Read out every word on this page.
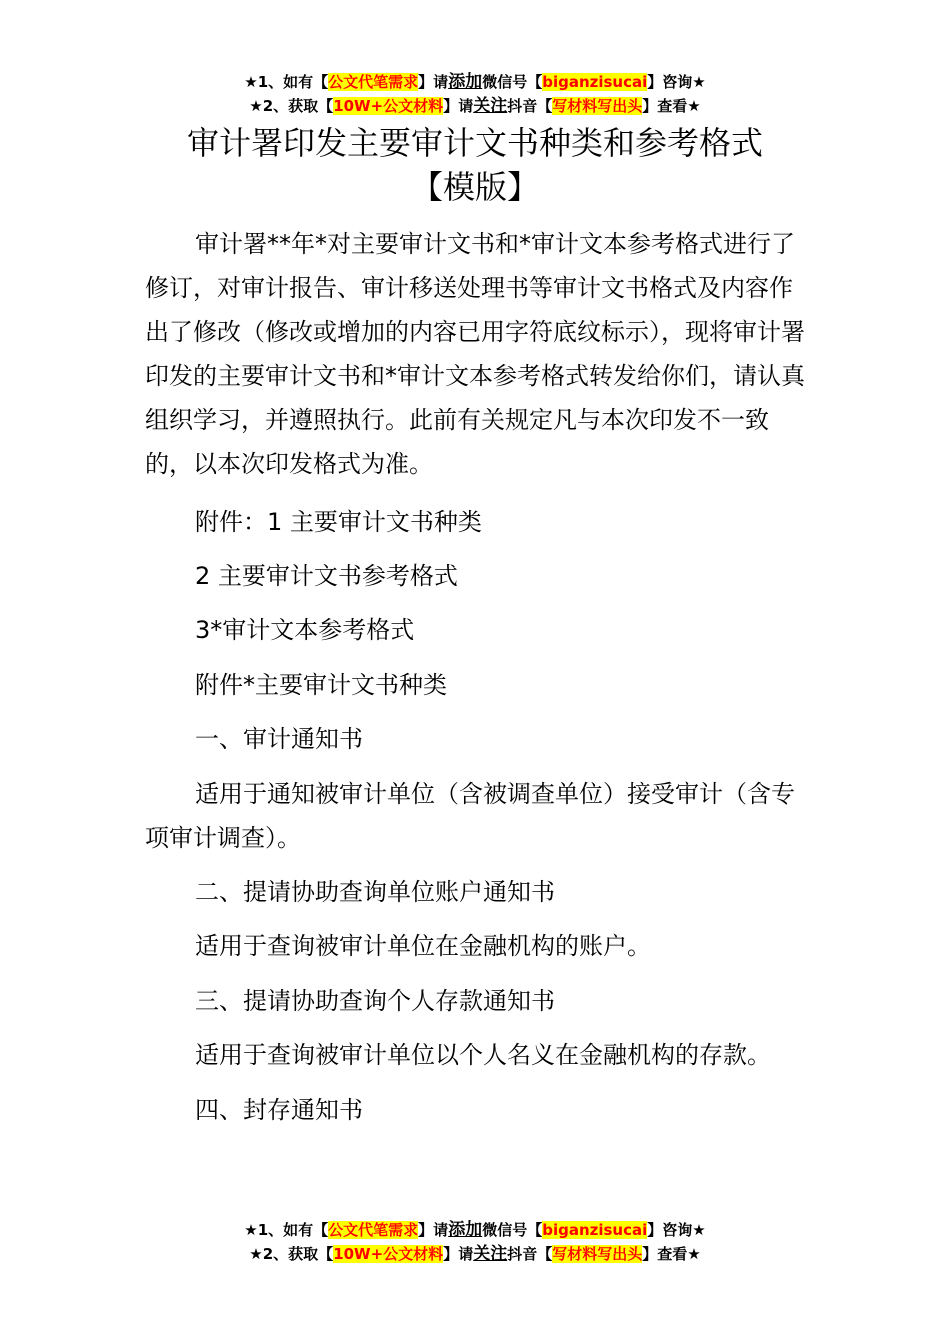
★1、如有【公文代笔需求】请添加微信号【biganzisucai】咨询★
★2、获取【10W+公文材料】请关注抖音【写材料写出头】查看★
审计署印发主要审计文书种类和参考格式
【模版】

审计署**年*对主要审计文书和*审计文本参考格式进行了修订，对审计报告、审计移送处理书等审计文书格式及内容作出了修改（修改或增加的内容已用字符底纹标示），现将审计署印发的主要审计文书和*审计文本参考格式转发给你们，请认真组织学习，并遵照执行。此前有关规定凡与本次印发不一致的，以本次印发格式为准。

附件：1 主要审计文书种类
2 主要审计文书参考格式
3*审计文本参考格式
附件*主要审计文书种类
一、审计通知书

适用于通知被审计单位（含被调查单位）接受审计（含专项审计调查）。

二、提请协助查询单位账户通知书
适用于查询被审计单位在金融机构的账户。
三、提请协助查询个人存款通知书
适用于查询被审计单位以个人名义在金融机构的存款。
四、封存通知书
★1、如有【公文代笔需求】请添加微信号【biganzisucai】咨询★
★2、获取【10W+公文材料】请关注抖音【写材料写出头】查看★
